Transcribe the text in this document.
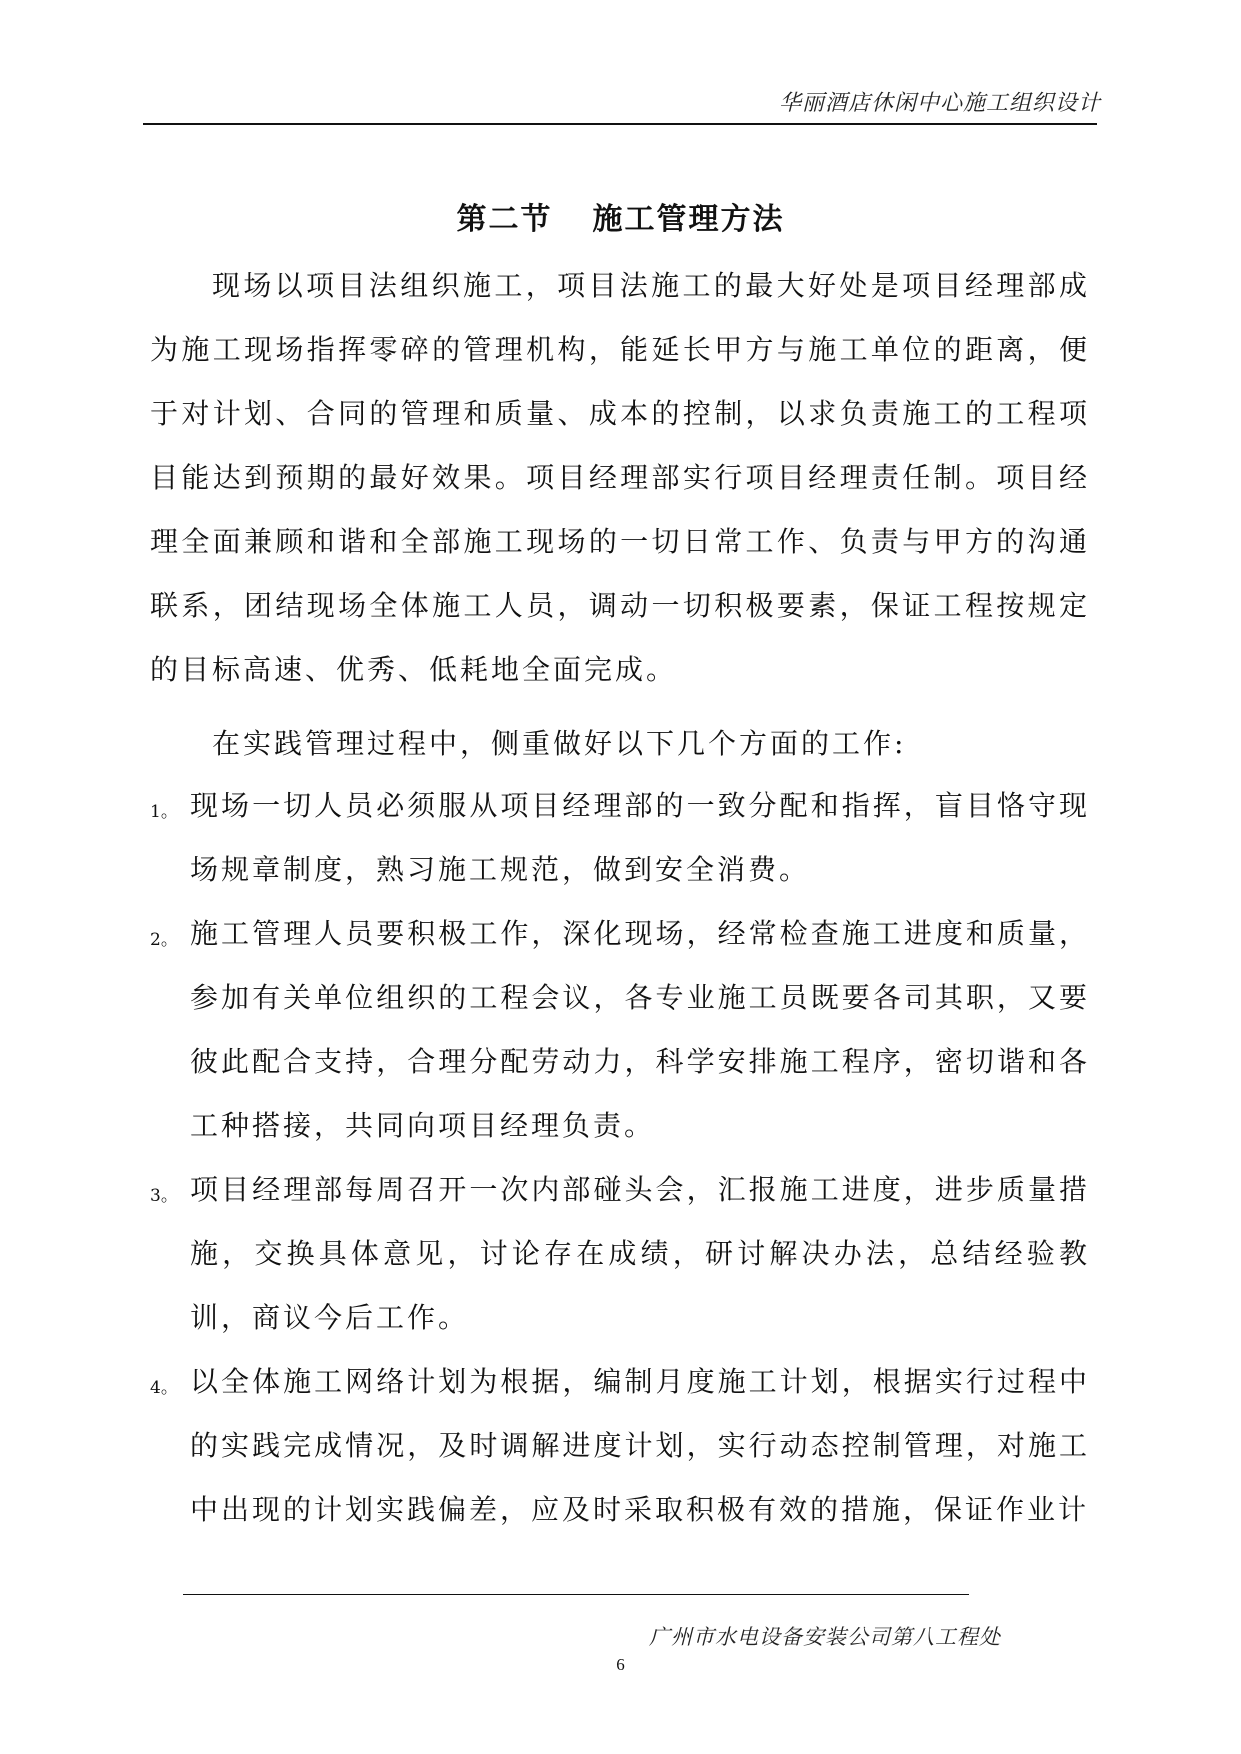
华丽酒店休闲中心施工组织设计
第二节 施工管理方法
现场以项目法组织施工，项目法施工的最大好处是项目经理部成为施工现场指挥零碎的管理机构，能延长甲方与施工单位的距离，便于对计划、合同的管理和质量、成本的控制，以求负责施工的工程项目能达到预期的最好效果。项目经理部实行项目经理责任制。项目经理全面兼顾和谐和全部施工现场的一切日常工作、负责与甲方的沟通联系，团结现场全体施工人员，调动一切积极要素，保证工程按规定的目标高速、优秀、低耗地全面完成。
在实践管理过程中，侧重做好以下几个方面的工作:
1。 现场一切人员必须服从项目经理部的一致分配和指挥，盲目恪守现场规章制度，熟习施工规范，做到安全消费。
2。 施工管理人员要积极工作，深化现场，经常检查施工进度和质量，参加有关单位组织的工程会议，各专业施工员既要各司其职，又要彼此配合支持，合理分配劳动力，科学安排施工程序，密切谐和各工种搭接，共同向项目经理负责。
3。 项目经理部每周召开一次内部碰头会，汇报施工进度，进步质量措施，交换具体意见，讨论存在成绩，研讨解决办法，总结经验教训，商议今后工作。
4。 以全体施工网络计划为根据，编制月度施工计划，根据实行过程中的实践完成情况，及时调解进度计划，实行动态控制管理，对施工中出现的计划实践偏差，应及时采取积极有效的措施，保证作业计
广州市水电设备安装公司第八工程处
6
